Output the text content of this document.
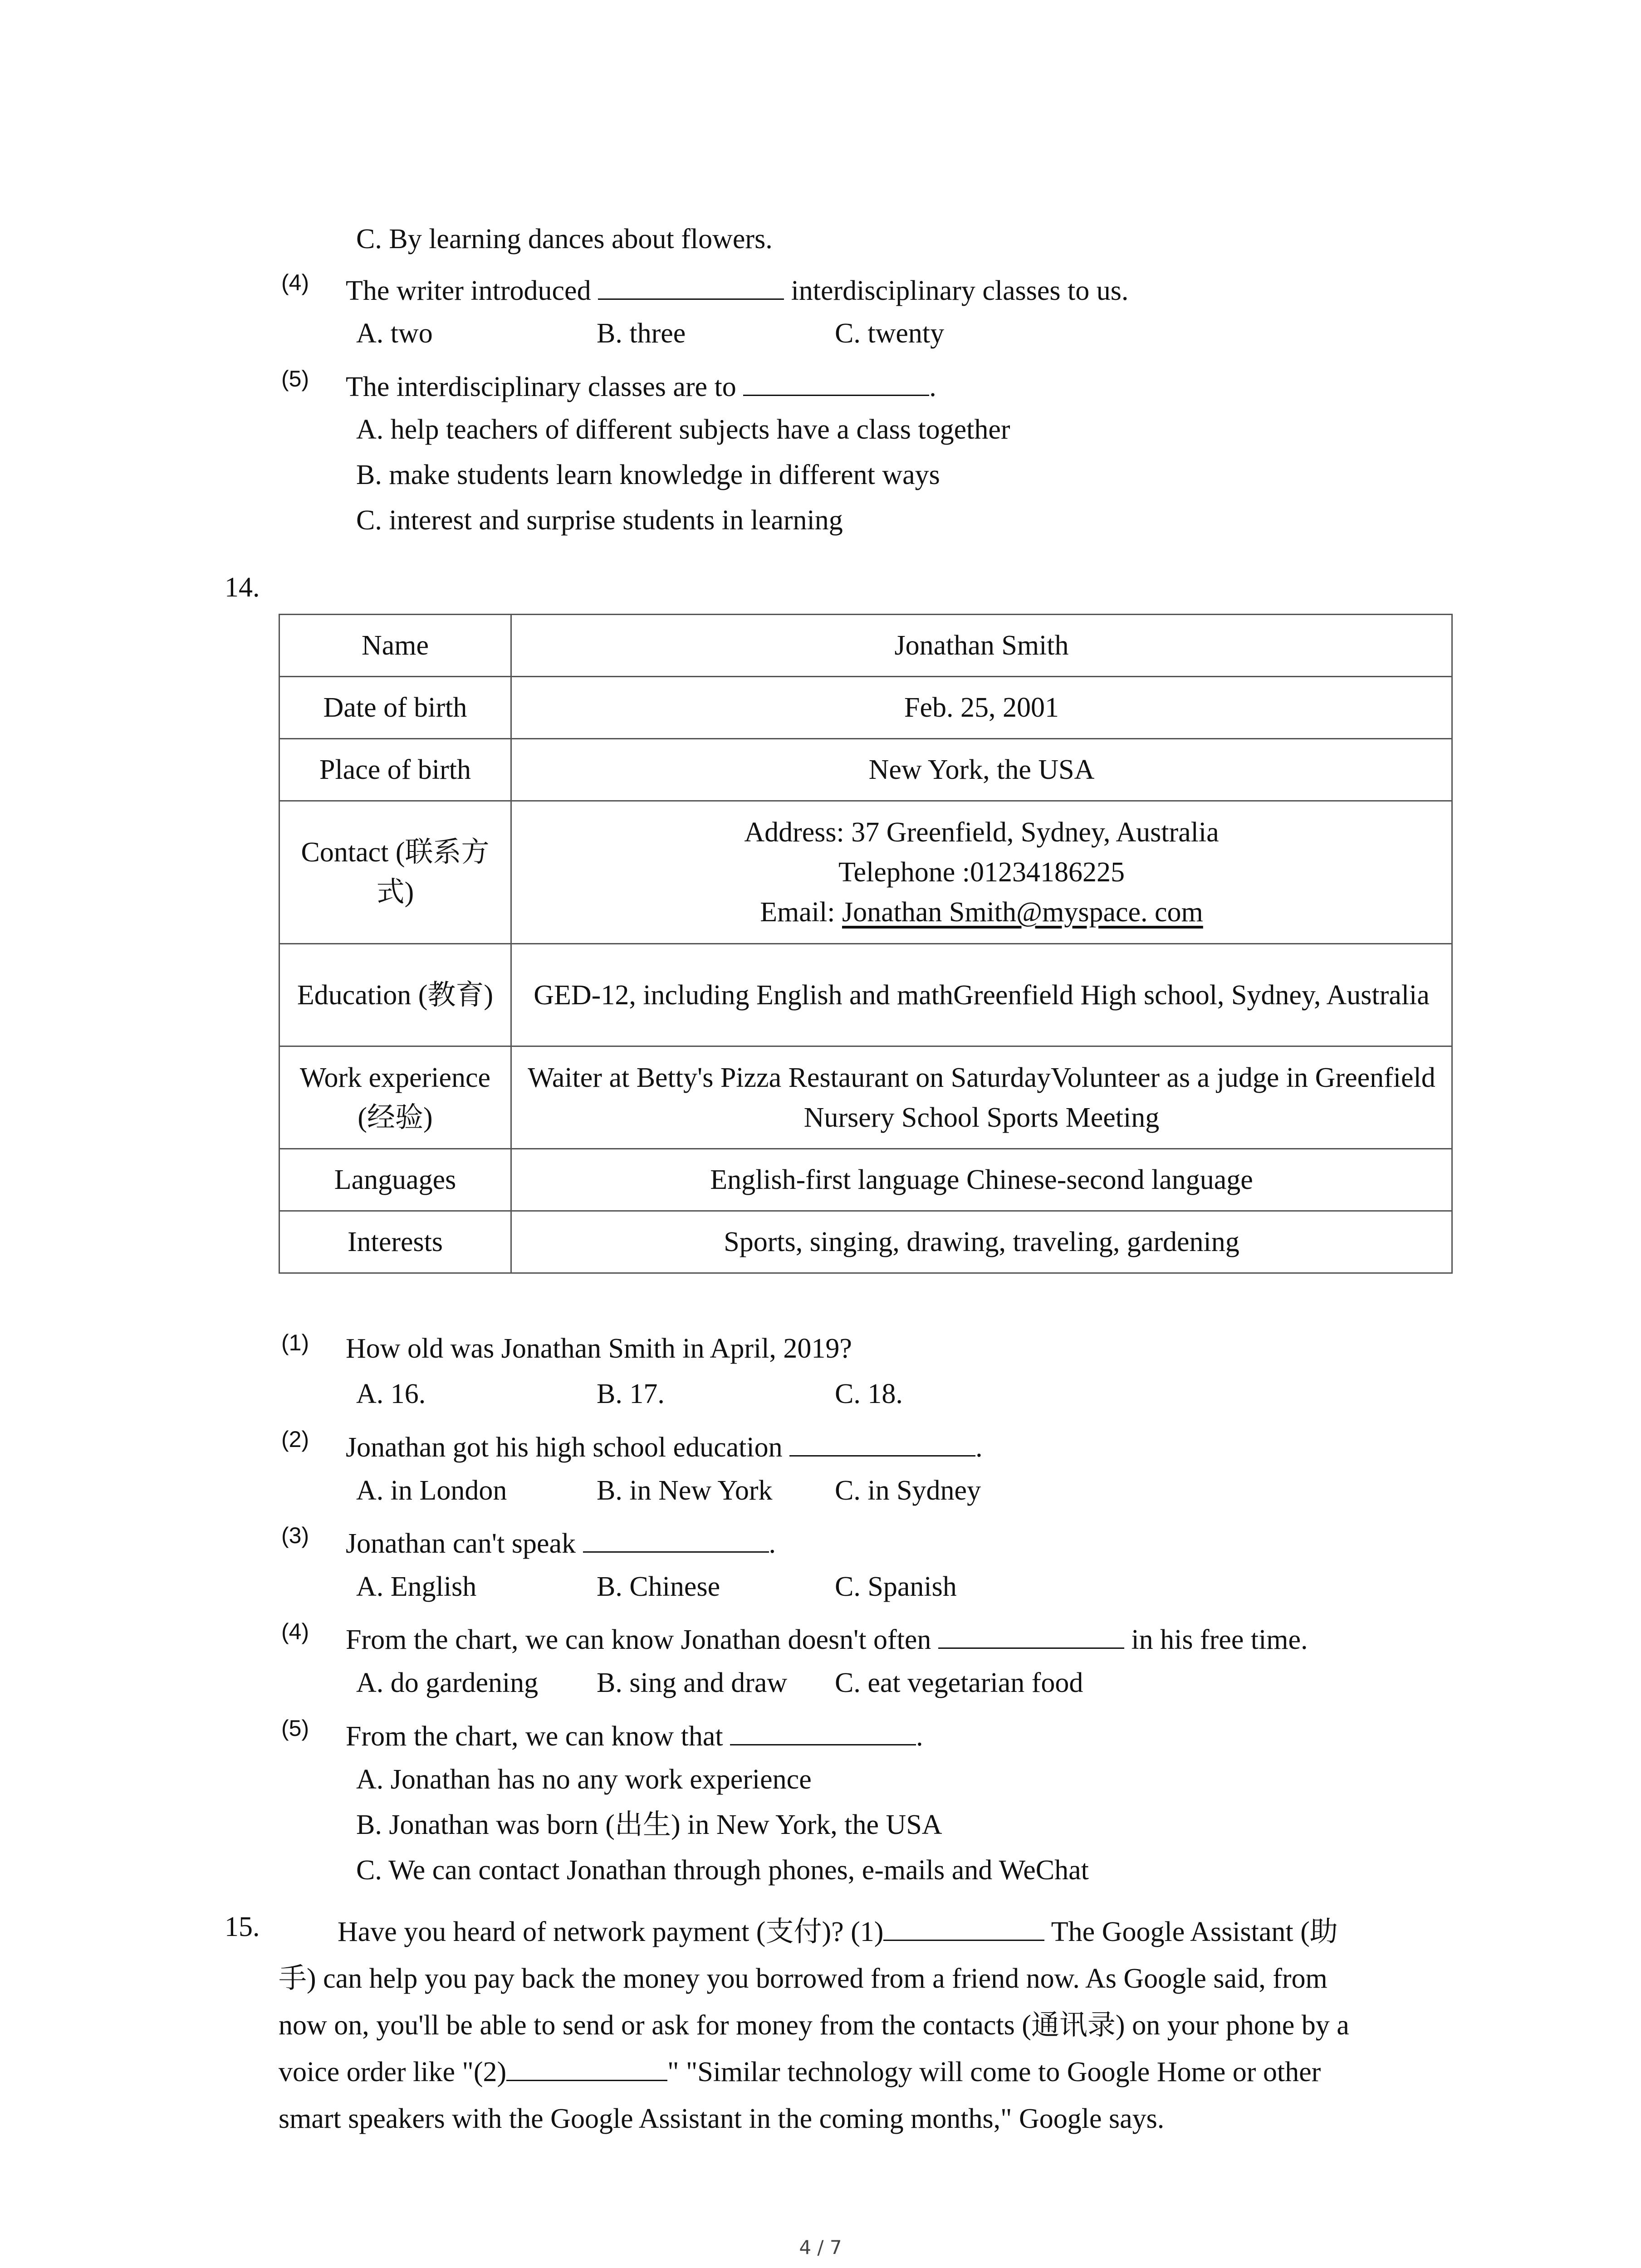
C. By learning dances about flowers.
(4) The writer introduced	interdisciplinary classes to us.
A. two	B. three	C. twenty
(5) The interdisciplinary classes are to	.
A. help teachers of different subjects have a class together
B. make students learn knowledge in different ways
C. interest and surprise students in learning
14.
Name	Jonathan Smith
Date of birth	Feb. 25, 2001
Place of birth	New York, the USA
Contact (联系方式)	Address: 37 Greenfield, Sydney, Australia
Telephone :01234186225
Email: Jonathan Smith@myspace. com

Education (教育)	GED-12, including English and mathGreenfield High school, Sydney, Australia
Work experience (经验)	Waiter at Betty's Pizza Restaurant on SaturdayVolunteer as a judge in Greenfield Nursery School Sports Meeting
Languages	English-first language Chinese-second language
Interests	Sports, singing, drawing, traveling, gardening
(1) How old was Jonathan Smith in April, 2019?
A. 16.	B. 17.	C. 18.
(2) Jonathan got his high school education	.
A. in London	B. in New York C. in Sydney
(3) Jonathan can't speak	.
A. English	B. Chinese	C. Spanish
(4) From the chart, we can know Jonathan doesn't often	in his free time.
A. do gardening B. sing and draw C. eat vegetarian food
(5) From the chart, we can know that	.
A. Jonathan has no any work experience
B. Jonathan was born (出生) in New York, the USA
C. We can contact Jonathan through phones, e-mails and WeChat
15.	Have you heard of network payment (支付)? (1)	The Google Assistant (助
手) can help you pay back the money you borrowed from a friend now. As Google said, from
now on, you'll be able to send or ask for money from the contacts (通讯录) on your phone by a
voice order like "(2)	" "Similar technology will come to Google Home or other
smart speakers with the Google Assistant in the coming months," Google says.
4 / 7
